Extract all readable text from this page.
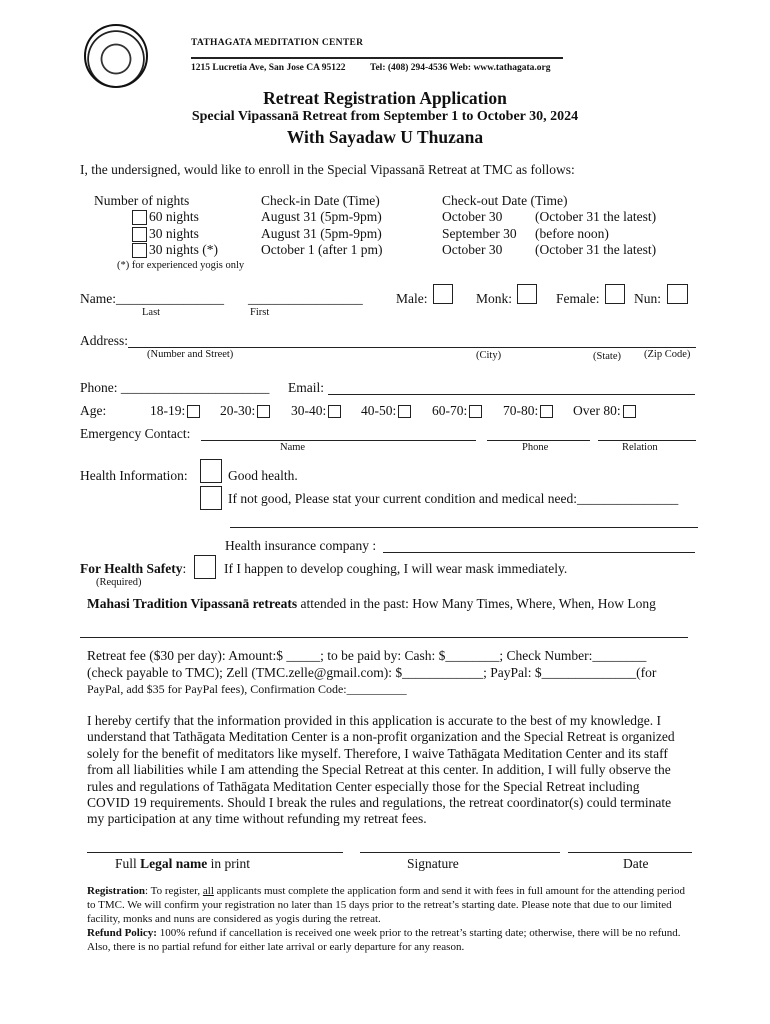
TATHAGATA MEDITATION CENTER
1215 Lucretia Ave, San Jose CA 95122	Tel: (408) 294-4536 Web: www.tathagata.org
Retreat Registration Application
Special Vipassanā Retreat from September 1 to October 30, 2024
With Sayadaw U Thuzana
I, the undersigned, would like to enroll in the Special Vipassanā Retreat at TMC as follows:
Number of nights	Check-in Date (Time)	Check-out Date (Time)
60 nights	August 31 (5pm-9pm)	October 30 (October 31 the latest)
30 nights	August 31 (5pm-9pm)	September 30 (before noon)
30 nights (*)	October 1 (after 1 pm)	October 30 (October 31 the latest)
(*) for experienced yogis only
Name:________________ _________________
Last	First
Male:	Monk:	Female:	Nun:
Address:
(Number and Street)	(City)	(State) (Zip Code)
Phone: ______________________ Email:
Age:	18-19:	20-30:	30-40:	40-50:	60-70:	70-80:	Over 80:
Emergency Contact:
Name	Phone	Relation
Health Information:	Good health.
If not good, Please stat your current condition and medical need:_______________
Health insurance company :
For Health Safety:	If I happen to develop coughing, I will wear mask immediately.
(Required)
Mahasi Tradition Vipassanā retreats attended in the past: How Many Times, Where, When, How Long
Retreat fee ($30 per day): Amount:$ _____; to be paid by: Cash: $________; Check Number:________
(check payable to TMC); Zell (TMC.zelle@gmail.com): $____________; PayPal: $______________(for
PayPal, add $35 for PayPal fees), Confirmation Code:__________
I hereby certify that the information provided in this application is accurate to the best of my knowledge. I
understand that Tathāgata Meditation Center is a non-profit organization and the Special Retreat is organized
solely for the benefit of meditators like myself. Therefore, I waive Tathāgata Meditation Center and its staff
from all liabilities while I am attending the Special Retreat at this center. In addition, I will fully observe the
rules and regulations of Tathāgata Meditation Center especially those for the Special Retreat including
COVID 19 requirements. Should I break the rules and regulations, the retreat coordinator(s) could terminate
my participation at any time without refunding my retreat fees.
Full Legal name in print	Signature	Date
Registration: To register, all applicants must complete the application form and send it with fees in full amount for the attending period
to TMC. We will confirm your registration no later than 15 days prior to the retreat’s starting date. Please note that due to our limited
facility, monks and nuns are considered as yogis during the retreat.
Refund Policy: 100% refund if cancellation is received one week prior to the retreat’s starting date; otherwise, there will be no refund.
Also, there is no partial refund for either late arrival or early departure for any reason.
